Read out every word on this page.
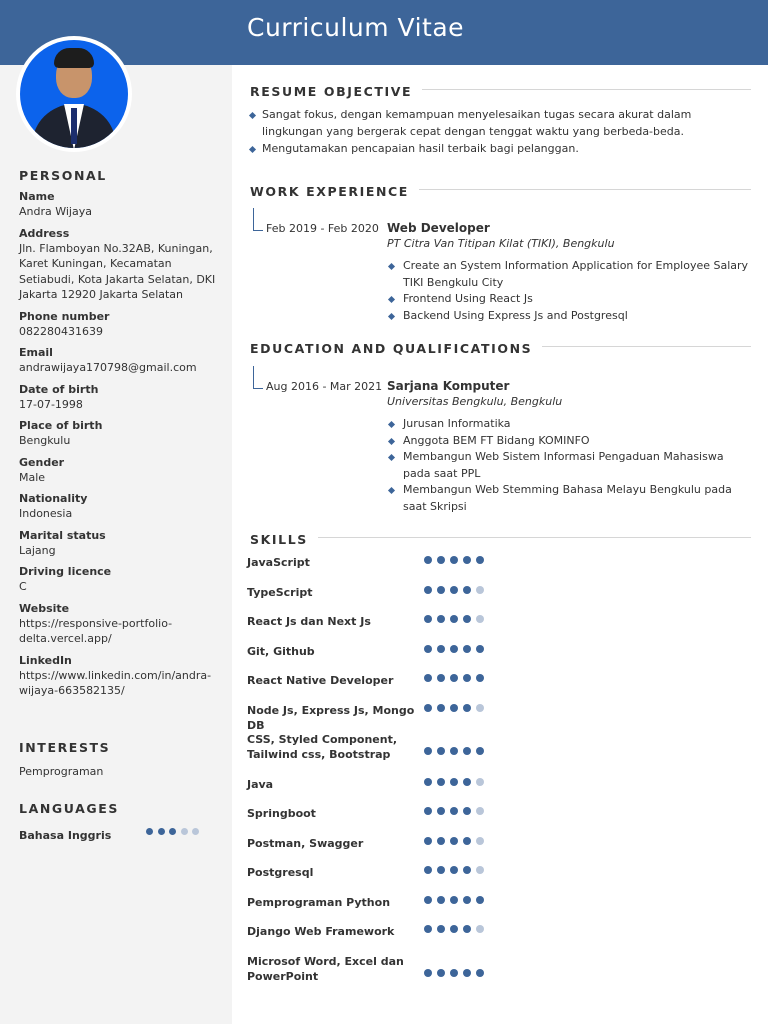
Curriculum Vitae
PERSONAL
Name
Andra Wijaya
Address
Jln. Flamboyan No.32AB, Kuningan, Karet Kuningan, Kecamatan Setiabudi, Kota Jakarta Selatan, DKI Jakarta 12920 Jakarta Selatan
Phone number
082280431639
Email
andrawijaya170798@gmail.com
Date of birth
17-07-1998
Place of birth
Bengkulu
Gender
Male
Nationality
Indonesia
Marital status
Lajang
Driving licence
C
Website
https://responsive-portfolio-delta.vercel.app/
LinkedIn
https://www.linkedin.com/in/andra-wijaya-663582135/
INTERESTS
Pemprograman
LANGUAGES
Bahasa Inggris
RESUME OBJECTIVE
Sangat fokus, dengan kemampuan menyelesaikan tugas secara akurat dalam lingkungan yang bergerak cepat dengan tenggat waktu yang berbeda-beda.
Mengutamakan pencapaian hasil terbaik bagi pelanggan.
WORK EXPERIENCE
Feb 2019 - Feb 2020 Web Developer
PT Citra Van Titipan Kilat (TIKI), Bengkulu
Create an System Information Application for Employee Salary TIKI Bengkulu City
Frontend Using React Js
Backend Using Express Js and Postgresql
EDUCATION AND QUALIFICATIONS
Aug 2016 - Mar 2021 Sarjana Komputer
Universitas Bengkulu, Bengkulu
Jurusan Informatika
Anggota BEM FT Bidang KOMINFO
Membangun Web Sistem Informasi Pengaduan Mahasiswa pada saat PPL
Membangun Web Stemming Bahasa Melayu Bengkulu pada saat Skripsi
SKILLS
JavaScript
TypeScript
React Js dan Next Js
Git, Github
React Native Developer
Node Js, Express Js, Mongo DB
CSS, Styled Component, Tailwind css, Bootstrap
Java
Springboot
Postman, Swagger
Postgresql
Pemprograman Python
Django Web Framework
Microsof Word, Excel dan PowerPoint
